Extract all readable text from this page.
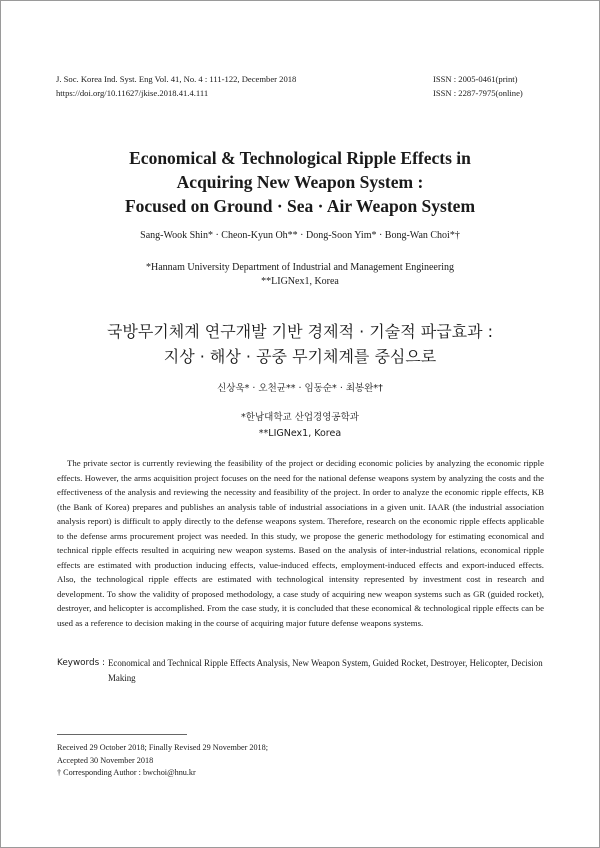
J. Soc. Korea Ind. Syst. Eng Vol. 41, No. 4 : 111-122, December 2018
https://doi.org/10.11627/jkise.2018.41.4.111
ISSN : 2005-0461(print)
ISSN : 2287-7975(online)
Economical & Technological Ripple Effects in
Acquiring New Weapon System :
Focused on Ground · Sea · Air Weapon System
Sang-Wook Shin* · Cheon-Kyun Oh** · Dong-Soon Yim* · Bong-Wan Choi*†
*Hannam University Department of Industrial and Management Engineering
**LIGNex1, Korea
국방무기체계 연구개발 기반 경제적 · 기술적 파급효과 :
지상 · 해상 · 공중 무기체계를 중심으로
신상욱* · 오천균** · 임동순* · 최봉완*†
*한남대학교 산업경영공학과
**LIGNex1, Korea
The private sector is currently reviewing the feasibility of the project or deciding economic policies by analyzing the economic ripple effects. However, the arms acquisition project focuses on the need for the national defense weapons system by analyzing the costs and the effectiveness of the analysis and reviewing the necessity and feasibility of the project. In order to analyze the economic ripple effects, KB (the Bank of Korea) prepares and publishes an analysis table of industrial associations in a given unit. IAAR (the industrial association analysis report) is difficult to apply directly to the defense weapons system. Therefore, research on the economic ripple effects applicable to the defense arms procurement project was needed. In this study, we propose the generic methodology for estimating economical and technical ripple effects resulted in acquiring new weapon systems. Based on the analysis of inter-industrial relations, economical ripple effects are estimated with production inducing effects, value-induced effects, employment-induced effects and export-induced effects. Also, the technological ripple effects are estimated with technological intensity represented by investment cost in research and development. To show the validity of proposed methodology, a case study of acquiring new weapon systems such as GR (guided rocket), destroyer, and helicopter is accomplished. From the case study, it is concluded that these economical & technological ripple effects can be used as a reference to decision making in the course of acquiring major future defense weapons systems.
Keywords : Economical and Technical Ripple Effects Analysis, New Weapon System, Guided Rocket, Destroyer, Helicopter, Decision Making
Received 29 October 2018; Finally Revised 29 November 2018;
Accepted 30 November 2018
† Corresponding Author : bwchoi@hnu.kr
